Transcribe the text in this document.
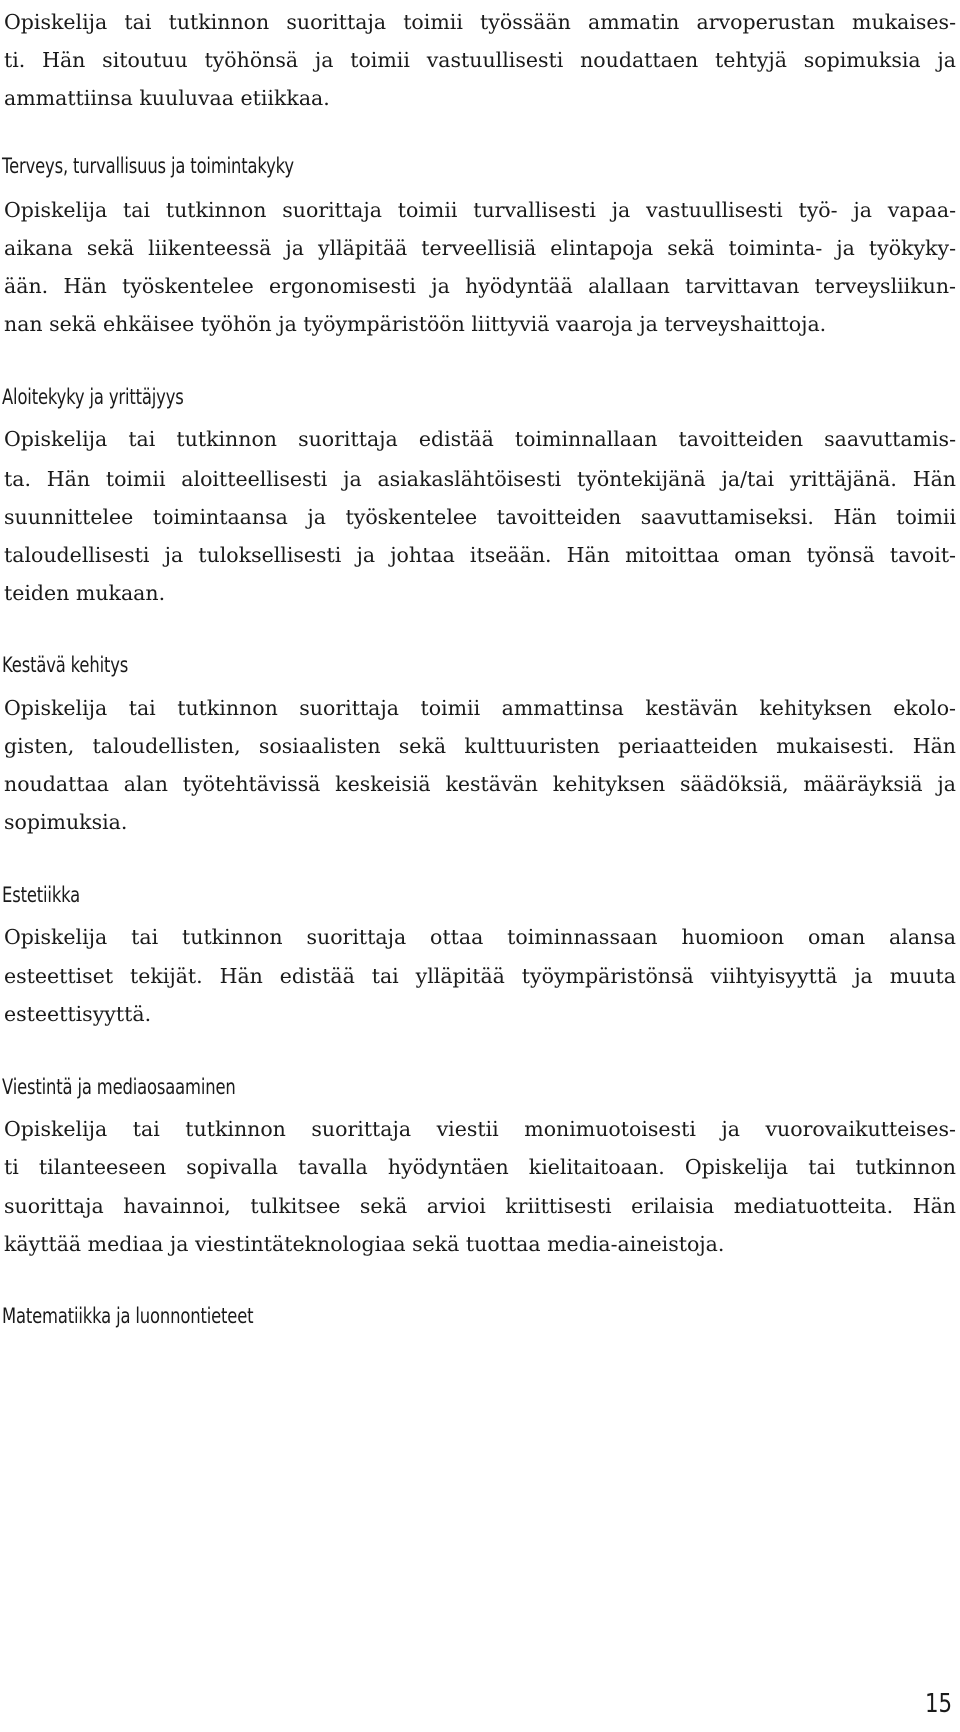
Opiskelija tai tutkinnon suorittaja toimii työssään ammatin arvoperustan mukaises-
ti. Hän sitoutuu työhönsä ja toimii vastuullisesti noudattaen tehtyjä sopimuksia ja
ammattiinsa kuuluvaa etiikkaa.
Terveys, turvallisuus ja toimintakyky
Opiskelija tai tutkinnon suorittaja toimii turvallisesti ja vastuullisesti työ- ja vapaa-
aikana sekä liikenteessä ja ylläpitää terveellisiä elintapoja sekä toiminta- ja työkyky-
ään. Hän työskentelee ergonomisesti ja hyödyntää alallaan tarvittavan terveysliikun-
nan sekä ehkäisee työhön ja työympäristöön liittyviä vaaroja ja terveyshaittoja.
Aloitekyky ja yrittäjyys
Opiskelija tai tutkinnon suorittaja edistää toiminnallaan tavoitteiden saavuttamis-
ta. Hän toimii aloitteellisesti ja asiakaslähtöisesti työntekijänä ja/tai yrittäjänä. Hän
suunnittelee toimintaansa ja työskentelee tavoitteiden saavuttamiseksi. Hän toimii
taloudellisesti ja tuloksellisesti ja johtaa itseään. Hän mitoittaa oman työnsä tavoit-
teiden mukaan.
Kestävä kehitys
Opiskelija tai tutkinnon suorittaja toimii ammattinsa kestävän kehityksen ekolo-
gisten, taloudellisten, sosiaalisten sekä kulttuuristen periaatteiden mukaisesti. Hän
noudattaa alan työtehtävissä keskeisiä kestävän kehityksen säädöksiä, määräyksiä ja
sopimuksia.
Estetiikka
Opiskelija tai tutkinnon suorittaja ottaa toiminnassaan huomioon oman alansa
esteettiset tekijät. Hän edistää tai ylläpitää työympäristönsä viihtyisyyttä ja muuta
esteettisyyttä.
Viestintä ja mediaosaaminen
Opiskelija tai tutkinnon suorittaja viestii monimuotoisesti ja vuorovaikutteises-
ti tilanteeseen sopivalla tavalla hyödyntäen kielitaitoaan. Opiskelija tai tutkinnon
suorittaja havainnoi, tulkitsee sekä arvioi kriittisesti erilaisia mediatuotteita. Hän
käyttää mediaa ja viestintäteknologiaa sekä tuottaa media-aineistoja.
Matematiikka ja luonnontieteet
15
